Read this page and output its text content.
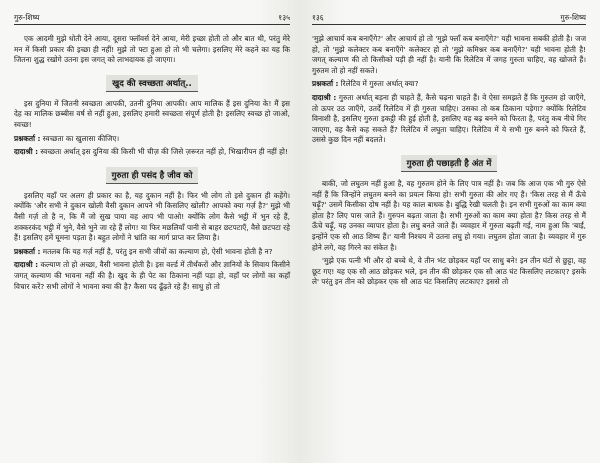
गुरु-शिष्य	१३५

एक आदमी मुझे धोती देने आया, दूसरा फ्लॉवर्स देने आया, मेरी इच्छा होती तो और बात थी, परंतु मेरे मन में किसी प्रकार की इच्छा ही नहीं! मुझे तो फ्टा हुआ हो तो भी चलेगा। इसलिए मेरे कहने का यह कि जितना शुद्ध रखोगे उतना इस जगत् को लाभदायक हो जाएगा।

खुद की स्वच्छता अर्थात्..

इस दुनिया में जितनी स्वच्छता आपकी, उतनी दुनिया आपकी। आप मालिक हैं इस दुनिया के! मैं इस देह का मालिक छब्बीस वर्ष से नहीं हुआ, इसलिए हमारी स्वच्छता संपूर्ण होती है! इसलिए स्वच्छ हो जाओ, स्वच्छ!

प्रश्नकर्ता : स्वच्छता का खुलासा कीजिए।

दादाश्री : स्वच्छता अर्थात् इस दुनिया की किसी भी चीज़ की जिसे ज़रूरत नहीं हो, भिखारीपन ही नहीं हो!

गुरुता ही पसंद है जीव को

इसलिए यहाँ पर अलग ही प्रकार का है, यह दुकान नहीं है। फिर भी लोग तो इसे दुकान ही कहेंगे। क्योंकि 'और सभी ने दुकान खोली वैसी दुकान आपने भी किसलिए खोली? आपको क्या गर्ज़ है?' मुझे भी वैसी गर्ज़ तो है न, कि मैं जो सुख पाया वह आप भी पाओ! क्योंकि लोग कैसे भट्ठी में भुन रहे हैं, शक्करकंद भट्ठी में भुने, वैसे भुने जा रहे हैं लोग! या फिर मछलियाँ पानी से बाहर छटपटाएँ, वैसे छटपटा रहे हैं! इसलिए हमें घूमना पड़ता है। बहुत लोगों ने भ्रांति का मार्ग प्राप्त कर लिया है।

प्रश्नकर्ता : मतलब कि यह गर्ज़ नहीं है, परंतु इन सभी जीवों का कल्याण हो, ऐसी भावना होती है न?

दादाश्री : कल्याण तो हो अच्छा, वैसी भावना होती है। इस वर्ल्ड में तीर्थंकरों और ज्ञानियों के सिवाय किसीने जगत् कल्याण की भावना नहीं की है। खुद के ही पेट का ठिकाना नहीं पड़ा हो, वहाँ पर लोगों का कहाँ विचार करें? सभी लोगों ने भावना क्या की है? कैसा पद ढूँढ़ते रहे हैं! साधु हो तो

१३६	गुरु-शिष्य

'मुझे आचार्य कब बनाएँगे?' और आचार्य हो तो 'मुझे फ्लाँ कब बनाएँगे?' यही भावना सबकी होती है। जज हो, तो 'मुझे कलेक्टर कब बनाएँगे' कलेक्टर हो तो 'मुझे कमिश्नर कब बनाएँगे?' यही भावना होती है! जगत् कल्याण की तो किसीको पड़ी ही नहीं है। यानी कि रिलेटिव में जगह गुरुता चाहिए, वह खोजते हैं। गुरुतम तो हो नहीं सकते।

प्रश्नकर्ता : रिलेटिव में गुरुता अर्थात् क्या?

दादाश्री : गुरुता अर्थात् बड़ना ही चाहते हैं, कैसे चढ़ना चाहते हैं। वे ऐसा समझते हैं कि गुरुतम हो जाएँगे, तो ऊपर उठ जाएँगे, उतर्दें रिलेटिव में ही गुरुता चाहिए। उसका तो कब ठिकाना पड़ेगा? क्योंकि रिलेटिव विनाशी है, इसलिए गुरुता इकट्ठी की हुई होती है, इसलिए वह बढ़ बनने को फिरता है, परंतु कब नीचे गिर जाएगा, वह कैसे कह सकते हैं? रिलेटिव में लघुता चाहिए। रिलेटिव में ये सभी गुरु बनने को फिरते हैं, उससे कुछ दिन नहीं बदलते।

गुरुता ही पछाड़ती है अंत में

बाकी, जो लघुतम नहीं हुआ है, वह गुरुतम होने के लिए पात्र नहीं है। जब कि आज एक भी गुरु ऐसे नहीं हैं कि जिन्होंने लघुतम बनने का प्रयत्न किया हो! सभी गुरुता की ओर गए हैं। 'किस तरह से मैं ऊँचे चढ़ूँ?' उसमें किसीका दोष नहीं है। यह काल बाधक है। बुद्धि रेखी चलती है। इन सभी गुरुओं का काम क्या होता है? लिए पास जाते हैं। गुरुपन बढ़ता जाता है। सभी गुरुओं का काम क्या होता है? किस तरह से मैं ऊँचे चढ़ूँ, यह उनका व्यापार होता है। लघु बनते जाते हैं। व्यवहार में गुरुता बढ़ती गई, नाम हुआ कि 'बाईं, इन्होंने एक सौ आठ शिष्य हैं।' यानी निश्चय में उतना लघु हो गया। लघुतम होता जाता है। व्यवहार में गुरु होने लगे, वह गिरने का संकेत है।

'मुझे एक पत्नी भी और दो बच्चे थे, वे तीन भंट छोड़कर यहाँ पर साधु बने! इन तीन घंटों से छुट्टा, वह छूट गए! यह एक सौ आठ छोड़कर भले, इन तीन की छोड़कर एक सौ आठ घंट किसलिए लटकाए? इसके ले' परंतु इन तीन को छोड़कर एक सौ आठ घंट किसलिए लटकाए? इससे तो
